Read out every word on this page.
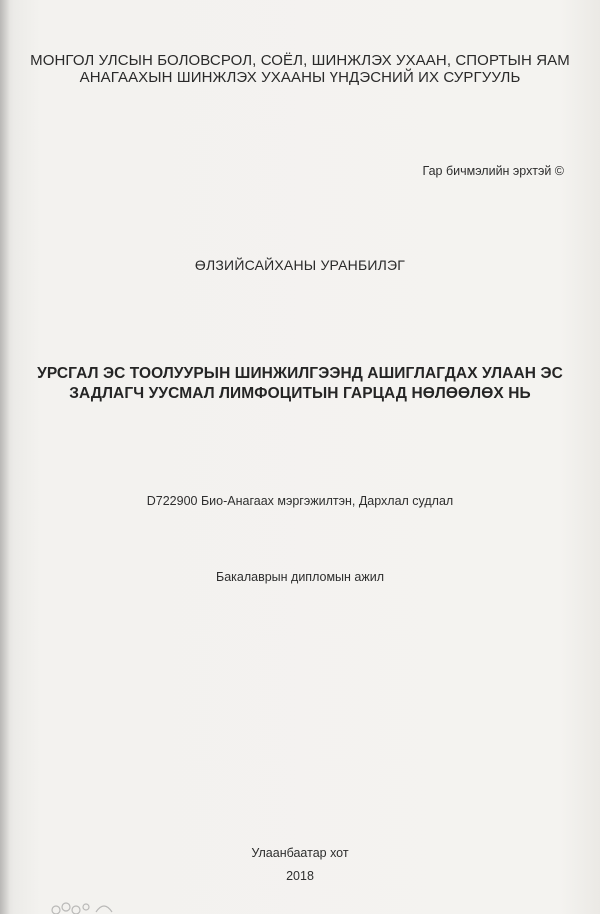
МОНГОЛ УЛСЫН БОЛОВСРОЛ, СОЁЛ, ШИНЖЛЭХ УХААН, СПОРТЫН ЯАМ
АНАГААХЫН ШИНЖЛЭХ УХААНЫ ҮНДЭСНИЙ ИХ СУРГУУЛЬ
Гар бичмэлийн эрхтэй ©
ӨЛЗИЙСАЙХАНЫ УРАНБИЛЭГ
УРСГАЛ ЭС ТООЛУУРЫН ШИНЖИЛГЭЭНД АШИГЛАГДАХ УЛААН ЭС
ЗАДЛАГЧ УУСМАЛ ЛИМФОЦИТЫН ГАРЦАД НӨЛӨӨЛӨХ НЬ
D722900 Био-Анагаах мэргэжилтэн, Дархлал судлал
Бакалаврын дипломын ажил
Улаанбаатар хот
2018
